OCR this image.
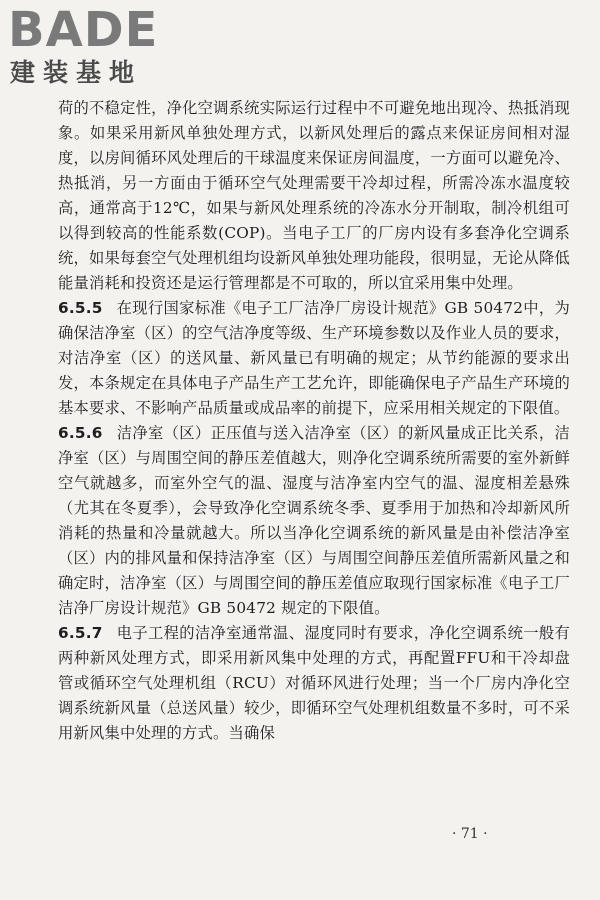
BADE
建装基地

荷的不稳定性，净化空调系统实际运行过程中不可避免地出现冷、热抵消现象。如果采用新风单独处理方式，以新风处理后的露点来保证房间相对湿度，以房间循环风处理后的干球温度来保证房间温度，一方面可以避免冷、热抵消，另一方面由于循环空气处理需要干冷却过程，所需冷冻水温度较高，通常高于12℃，如果与新风处理系统的冷冻水分开制取，制冷机组可以得到较高的性能系数(COP)。当电子工厂的厂房内设有多套净化空调系统，如果每套空气处理机组均设新风单独处理功能段，很明显，无论从降低能量消耗和投资还是运行管理都是不可取的，所以宜采用集中处理。

6.5.5 在现行国家标准《电子工厂洁净厂房设计规范》GB 50472中，为确保洁净室（区）的空气洁净度等级、生产环境参数以及作业人员的要求，对洁净室（区）的送风量、新风量已有明确的规定；从节约能源的要求出发，本条规定在具体电子产品生产工艺允许，即能确保电子产品生产环境的基本要求、不影响产品质量或成品率的前提下，应采用相关规定的下限值。

6.5.6 洁净室（区）正压值与送入洁净室（区）的新风量成正比关系，洁净室（区）与周围空间的静压差值越大，则净化空调系统所需要的室外新鲜空气就越多，而室外空气的温、湿度与洁净室内空气的温、湿度相差悬殊（尤其在冬夏季），会导致净化空调系统冬季、夏季用于加热和冷却新风所消耗的热量和冷量就越大。所以当净化空调系统的新风量是由补偿洁净室（区）内的排风量和保持洁净室（区）与周围空间静压差值所需新风量之和确定时，洁净室（区）与周围空间的静压差值应取现行国家标准《电子工厂洁净厂房设计规范》GB 50472 规定的下限值。

6.5.7 电子工程的洁净室通常温、湿度同时有要求，净化空调系统一般有两种新风处理方式，即采用新风集中处理的方式，再配置FFU和干冷却盘管或循环空气处理机组（RCU）对循环风进行处理；当一个厂房内净化空调系统新风量（总送风量）较少，即循环空气处理机组数量不多时，可不采用新风集中处理的方式。当确保

· 71 ·
